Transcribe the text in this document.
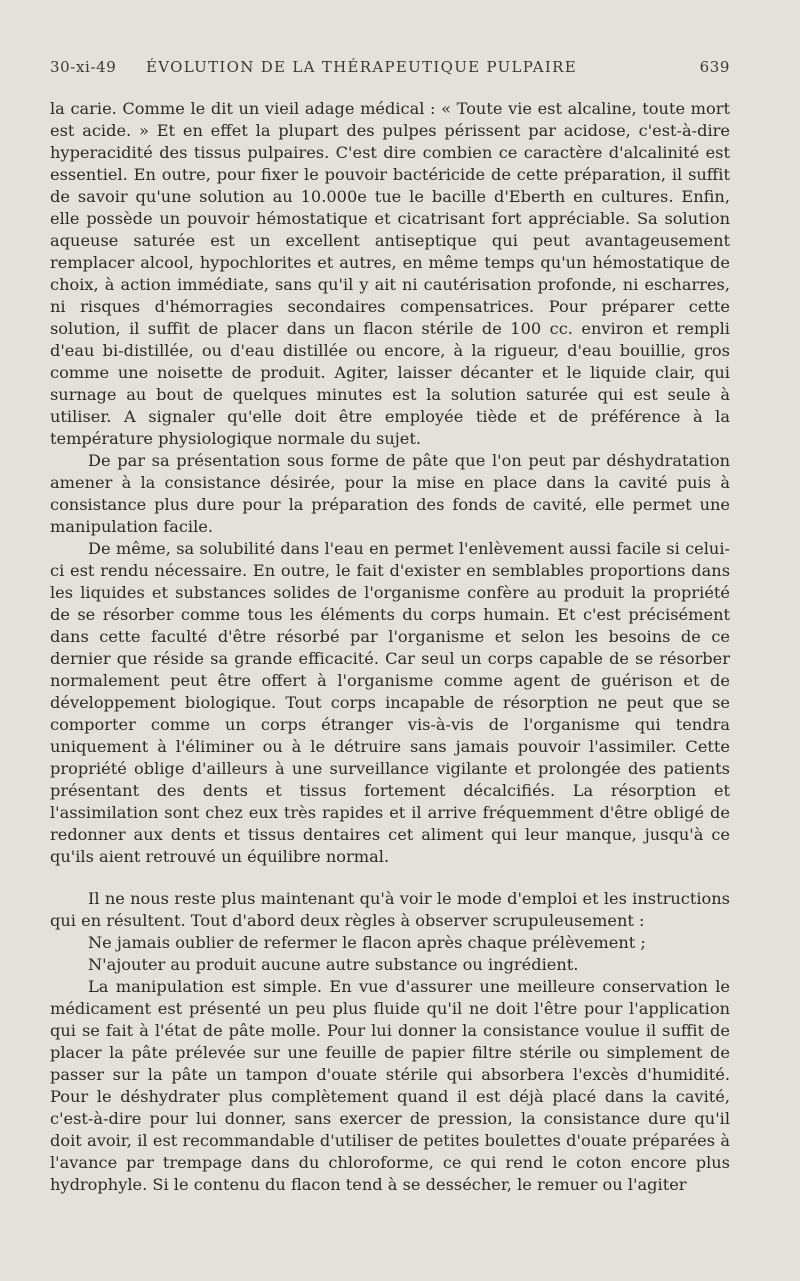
30-xi-49 ÉVOLUTION DE LA THÉRAPEUTIQUE PULPAIRE	639

la carie. Comme le dit un vieil adage médical : « Toute vie est alcaline, toute mort est acide. » Et en effet la plupart des pulpes périssent par acidose, c'est-à-dire hyperacidité des tissus pulpaires. C'est dire combien ce caractère d'alcalinité est essentiel. En outre, pour fixer le pouvoir bactéricide de cette préparation, il suffit de savoir qu'une solution au 10.000e tue le bacille d'Eberth en cultures. Enfin, elle possède un pouvoir hémostatique et cicatrisant fort appréciable. Sa solution aqueuse saturée est un excellent antiseptique qui peut avantageusement remplacer alcool, hypochlorites et autres, en même temps qu'un hémostatique de choix, à action immédiate, sans qu'il y ait ni cautérisation profonde, ni escharres, ni risques d'hémorragies secondaires compensatrices. Pour préparer cette solution, il suffit de placer dans un flacon stérile de 100 cc. environ et rempli d'eau bi-distillée, ou d'eau distillée ou encore, à la rigueur, d'eau bouillie, gros comme une noisette de produit. Agiter, laisser décanter et le liquide clair, qui surnage au bout de quelques minutes est la solution saturée qui est seule à utiliser. A signaler qu'elle doit être employée tiède et de préférence à la température physiologique normale du sujet.

De par sa présentation sous forme de pâte que l'on peut par déshydratation amener à la consistance désirée, pour la mise en place dans la cavité puis à consistance plus dure pour la préparation des fonds de cavité, elle permet une manipulation facile.

De même, sa solubilité dans l'eau en permet l'enlèvement aussi facile si celui-ci est rendu nécessaire. En outre, le fait d'exister en semblables proportions dans les liquides et substances solides de l'organisme confère au produit la propriété de se résorber comme tous les éléments du corps humain. Et c'est précisément dans cette faculté d'être résorbé par l'organisme et selon les besoins de ce dernier que réside sa grande efficacité. Car seul un corps capable de se résorber normalement peut être offert à l'organisme comme agent de guérison et de développement biologique. Tout corps incapable de résorption ne peut que se comporter comme un corps étranger vis-à-vis de l'organisme qui tendra uniquement à l'éliminer ou à le détruire sans jamais pouvoir l'assimiler. Cette propriété oblige d'ailleurs à une surveillance vigilante et prolongée des patients présentant des dents et tissus fortement décalcifiés. La résorption et l'assimilation sont chez eux très rapides et il arrive fréquemment d'être obligé de redonner aux dents et tissus dentaires cet aliment qui leur manque, jusqu'à ce qu'ils aient retrouvé un équilibre normal.

Il ne nous reste plus maintenant qu'à voir le mode d'emploi et les instructions qui en résultent. Tout d'abord deux règles à observer scrupuleusement :

Ne jamais oublier de refermer le flacon après chaque prélèvement ;

N'ajouter au produit aucune autre substance ou ingrédient.

La manipulation est simple. En vue d'assurer une meilleure conservation le médicament est présenté un peu plus fluide qu'il ne doit l'être pour l'application qui se fait à l'état de pâte molle. Pour lui donner la consistance voulue il suffit de placer la pâte prélevée sur une feuille de papier filtre stérile ou simplement de passer sur la pâte un tampon d'ouate stérile qui absorbera l'excès d'humidité. Pour le déshydrater plus complètement quand il est déjà placé dans la cavité, c'est-à-dire pour lui donner, sans exercer de pression, la consistance dure qu'il doit avoir, il est recommandable d'utiliser de petites boulettes d'ouate préparées à l'avance par trempage dans du chloroforme, ce qui rend le coton encore plus hydrophyle. Si le contenu du flacon tend à se dessécher, le remuer ou l'agiter
